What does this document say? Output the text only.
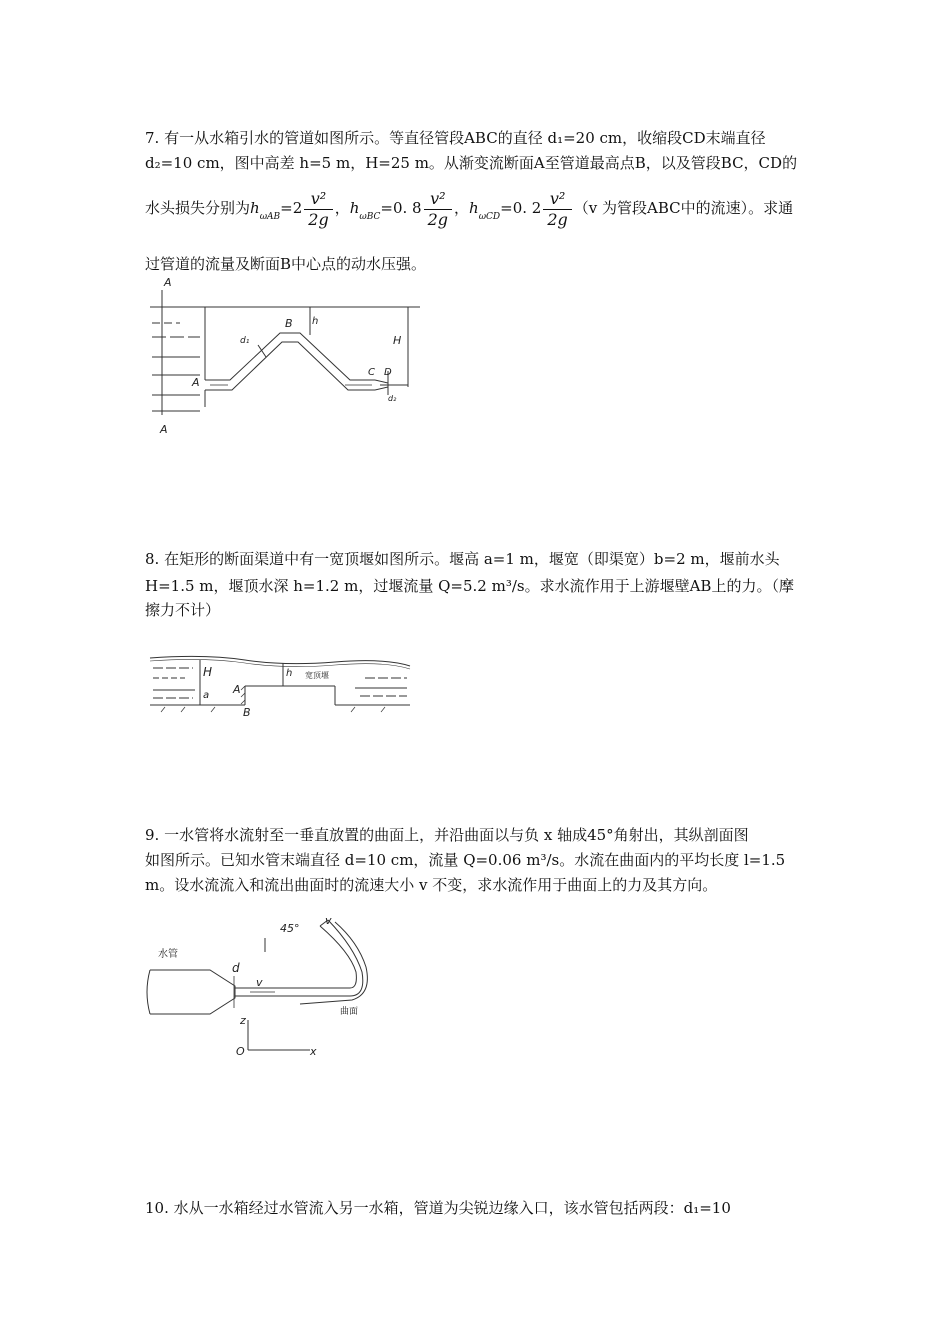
7. 有一从水箱引水的管道如图所示。等直径管段ABC的直径 d₁=20 cm，收缩段CD末端直径
d₂=10 cm，图中高差 h=5 m，H=25 m。从渐变流断面A至管道最高点B，以及管段BC，CD的
水头损失分别为$h_{\omega AB}=2 \frac{\text{v²}}{2g}$ ，$h_{\omega BC}=0$. $8 \frac{\text{v²}}{2g}$ ，$h_{\omega CD}=0$. $2 \frac{\text{v²}}{2g} (v$ 为管段ABC中的流速）。求通
过管道的流量及断面B中心点的动水压强。
A
A
A
B h
H
d₁
C D
d₂
8. 在矩形的断面渠道中有一宽顶堰如图所示。堰高 a=1 m，堰宽（即渠宽）b=2 m，堰前水头
H=1.5 m，堰顶水深 h=1.2 m，过堰流量 Q=5.2 m³/s。求水流作用于上游堰壁AB上的力。（摩
擦力不计）
H	h
a A
B
宽顶堰
9. 一水管将水流射至一垂直放置的曲面上，并沿曲面以与负 x 轴成45°角射出，其纵剖面图
如图所示。已知水管末端直径 d=10 cm，流量 Q=0.06 m³/s。水流在曲面内的平均长度 l=1.5
m。设水流流入和流出曲面时的流速大小 v 不变，求水流作用于曲面上的力及其方向。
水管
d
v
45°
v
曲面
z
O	x
10. 水从一水箱经过水管流入另一水箱，管道为尖锐边缘入口，该水管包括两段：d₁=10
